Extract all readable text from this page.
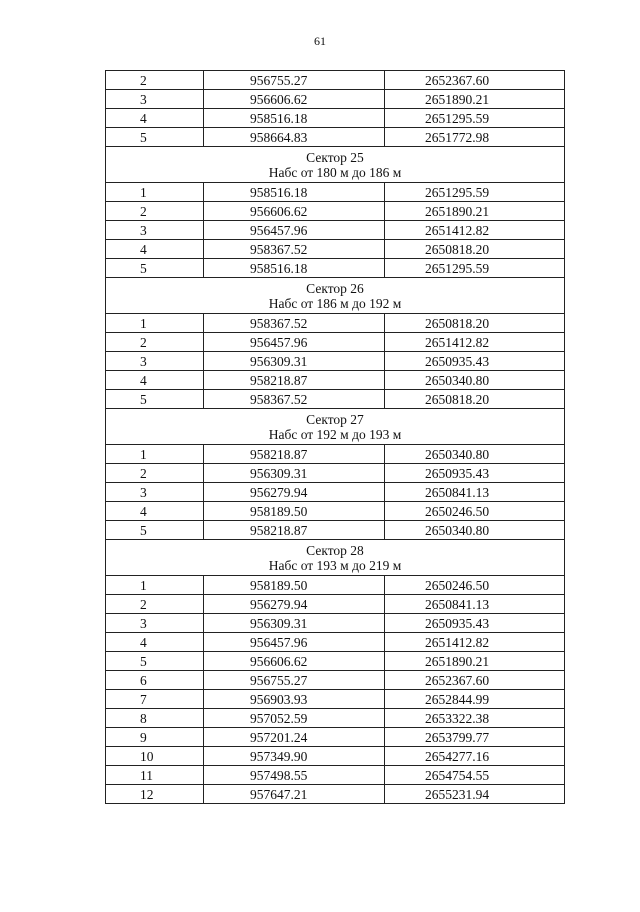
61
2	956755.27	2652367.60
3	956606.62	2651890.21
4	958516.18	2651295.59
5	958664.83	2651772.98

Сектор 25
Набс от 180 м до 186 м		

1	958516.18	2651295.59
2	956606.62	2651890.21
3	956457.96	2651412.82
4	958367.52	2650818.20
5	958516.18	2651295.59

Сектор 26
Набс от 186 м до 192 м		

1	958367.52	2650818.20
2	956457.96	2651412.82
3	956309.31	2650935.43
4	958218.87	2650340.80
5	958367.52	2650818.20

Сектор 27
Набс от 192 м до 193 м		

1	958218.87	2650340.80
2	956309.31	2650935.43
3	956279.94	2650841.13
4	958189.50	2650246.50
5	958218.87	2650340.80

Сектор 28
Набс от 193 м до 219 м		

1	958189.50	2650246.50
2	956279.94	2650841.13
3	956309.31	2650935.43
4	956457.96	2651412.82
5	956606.62	2651890.21
6	956755.27	2652367.60
7	956903.93	2652844.99
8	957052.59	2653322.38
9	957201.24	2653799.77
10	957349.90	2654277.16
11	957498.55	2654754.55
12	957647.21	2655231.94
